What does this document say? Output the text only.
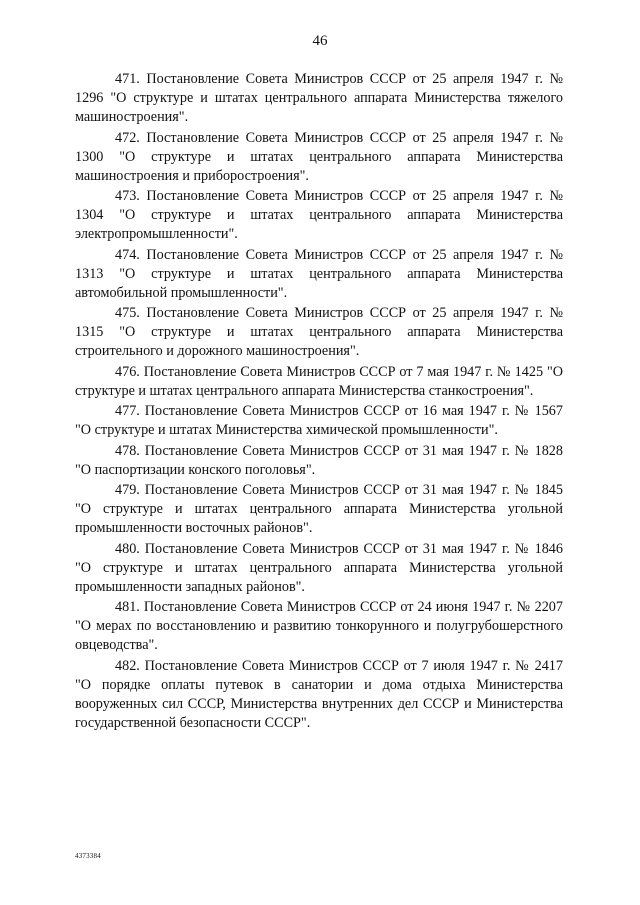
46

471. Постановление Совета Министров СССР от 25 апреля 1947 г. № 1296 "О структуре и штатах центрального аппарата Министерства тяжелого машиностроения".

472. Постановление Совета Министров СССР от 25 апреля 1947 г. № 1300 "О структуре и штатах центрального аппарата Министерства машиностроения и приборостроения".

473. Постановление Совета Министров СССР от 25 апреля 1947 г. № 1304 "О структуре и штатах центрального аппарата Министерства электропромышленности".

474. Постановление Совета Министров СССР от 25 апреля 1947 г. № 1313 "О структуре и штатах центрального аппарата Министерства автомобильной промышленности".

475. Постановление Совета Министров СССР от 25 апреля 1947 г. № 1315 "О структуре и штатах центрального аппарата Министерства строительного и дорожного машиностроения".

476. Постановление Совета Министров СССР от 7 мая 1947 г. № 1425 "О структуре и штатах центрального аппарата Министерства станкостроения".

477. Постановление Совета Министров СССР от 16 мая 1947 г. № 1567 "О структуре и штатах Министерства химической промышленности".

478. Постановление Совета Министров СССР от 31 мая 1947 г. № 1828 "О паспортизации конского поголовья".

479. Постановление Совета Министров СССР от 31 мая 1947 г. № 1845 "О структуре и штатах центрального аппарата Министерства угольной промышленности восточных районов".

480. Постановление Совета Министров СССР от 31 мая 1947 г. № 1846 "О структуре и штатах центрального аппарата Министерства угольной промышленности западных районов".

481. Постановление Совета Министров СССР от 24 июня 1947 г. № 2207 "О мерах по восстановлению и развитию тонкорунного и полугрубошерстного овцеводства".

482. Постановление Совета Министров СССР от 7 июля 1947 г. № 2417 "О порядке оплаты путевок в санатории и дома отдыха Министерства вооруженных сил СССР, Министерства внутренних дел СССР и Министерства государственной безопасности СССР".

4373384
